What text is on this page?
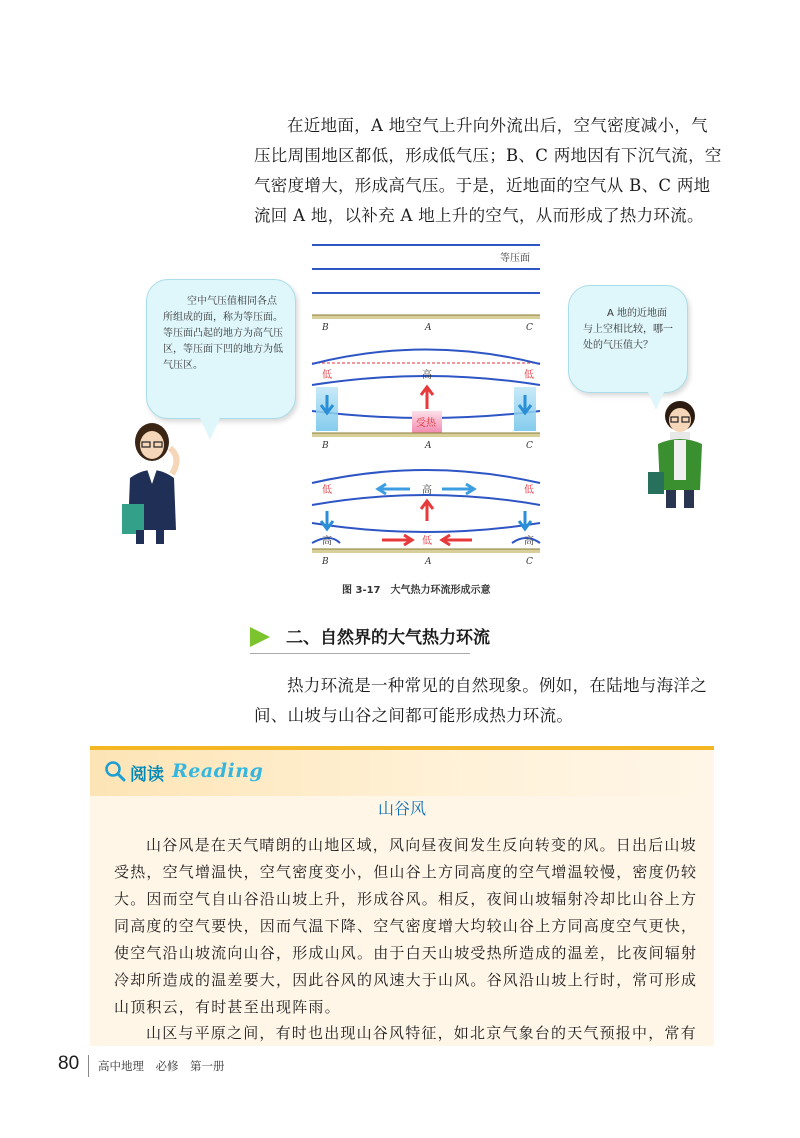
在近地面，A 地空气上升向外流出后，空气密度减小，气压比周围地区都低，形成低气压；B、C 两地因有下沉气流，空气密度增大，形成高气压。于是，近地面的空气从 B、C 两地流回 A 地，以补充 A 地上升的空气，从而形成了热力环流。

等压面
B	A	C
低	高	低
受热
B	A	C
低	高	低
高	低	高
B	A	C
图 3-17　大气热力环流形成示意
空中气压值相同各点所组成的面，称为等压面。等压面凸起的地方为高气压区，等压面下凹的地方为低气压区。
A 地的近地面与上空相比较，哪一处的气压值大？
二、自然界的大气热力环流

热力环流是一种常见的自然现象。例如，在陆地与海洋之间、山坡与山谷之间都可能形成热力环流。

阅读 Reading
山谷风

山谷风是在天气晴朗的山地区域，风向昼夜间发生反向转变的风。日出后山坡受热，空气增温快，空气密度变小，但山谷上方同高度的空气增温较慢，密度仍较大。因而空气自山谷沿山坡上升，形成谷风。相反，夜间山坡辐射冷却比山谷上方同高度的空气要快，因而气温下降、空气密度增大均较山谷上方同高度空气更快，使空气沿山坡流向山谷，形成山风。由于白天山坡受热所造成的温差，比夜间辐射冷却所造成的温差要大，因此谷风的风速大于山风。谷风沿山坡上行时，常可形成山顶积云，有时甚至出现阵雨。

山区与平原之间，有时也出现山谷风特征，如北京气象台的天气预报中，常有

80 高中地理　必修　第一册
